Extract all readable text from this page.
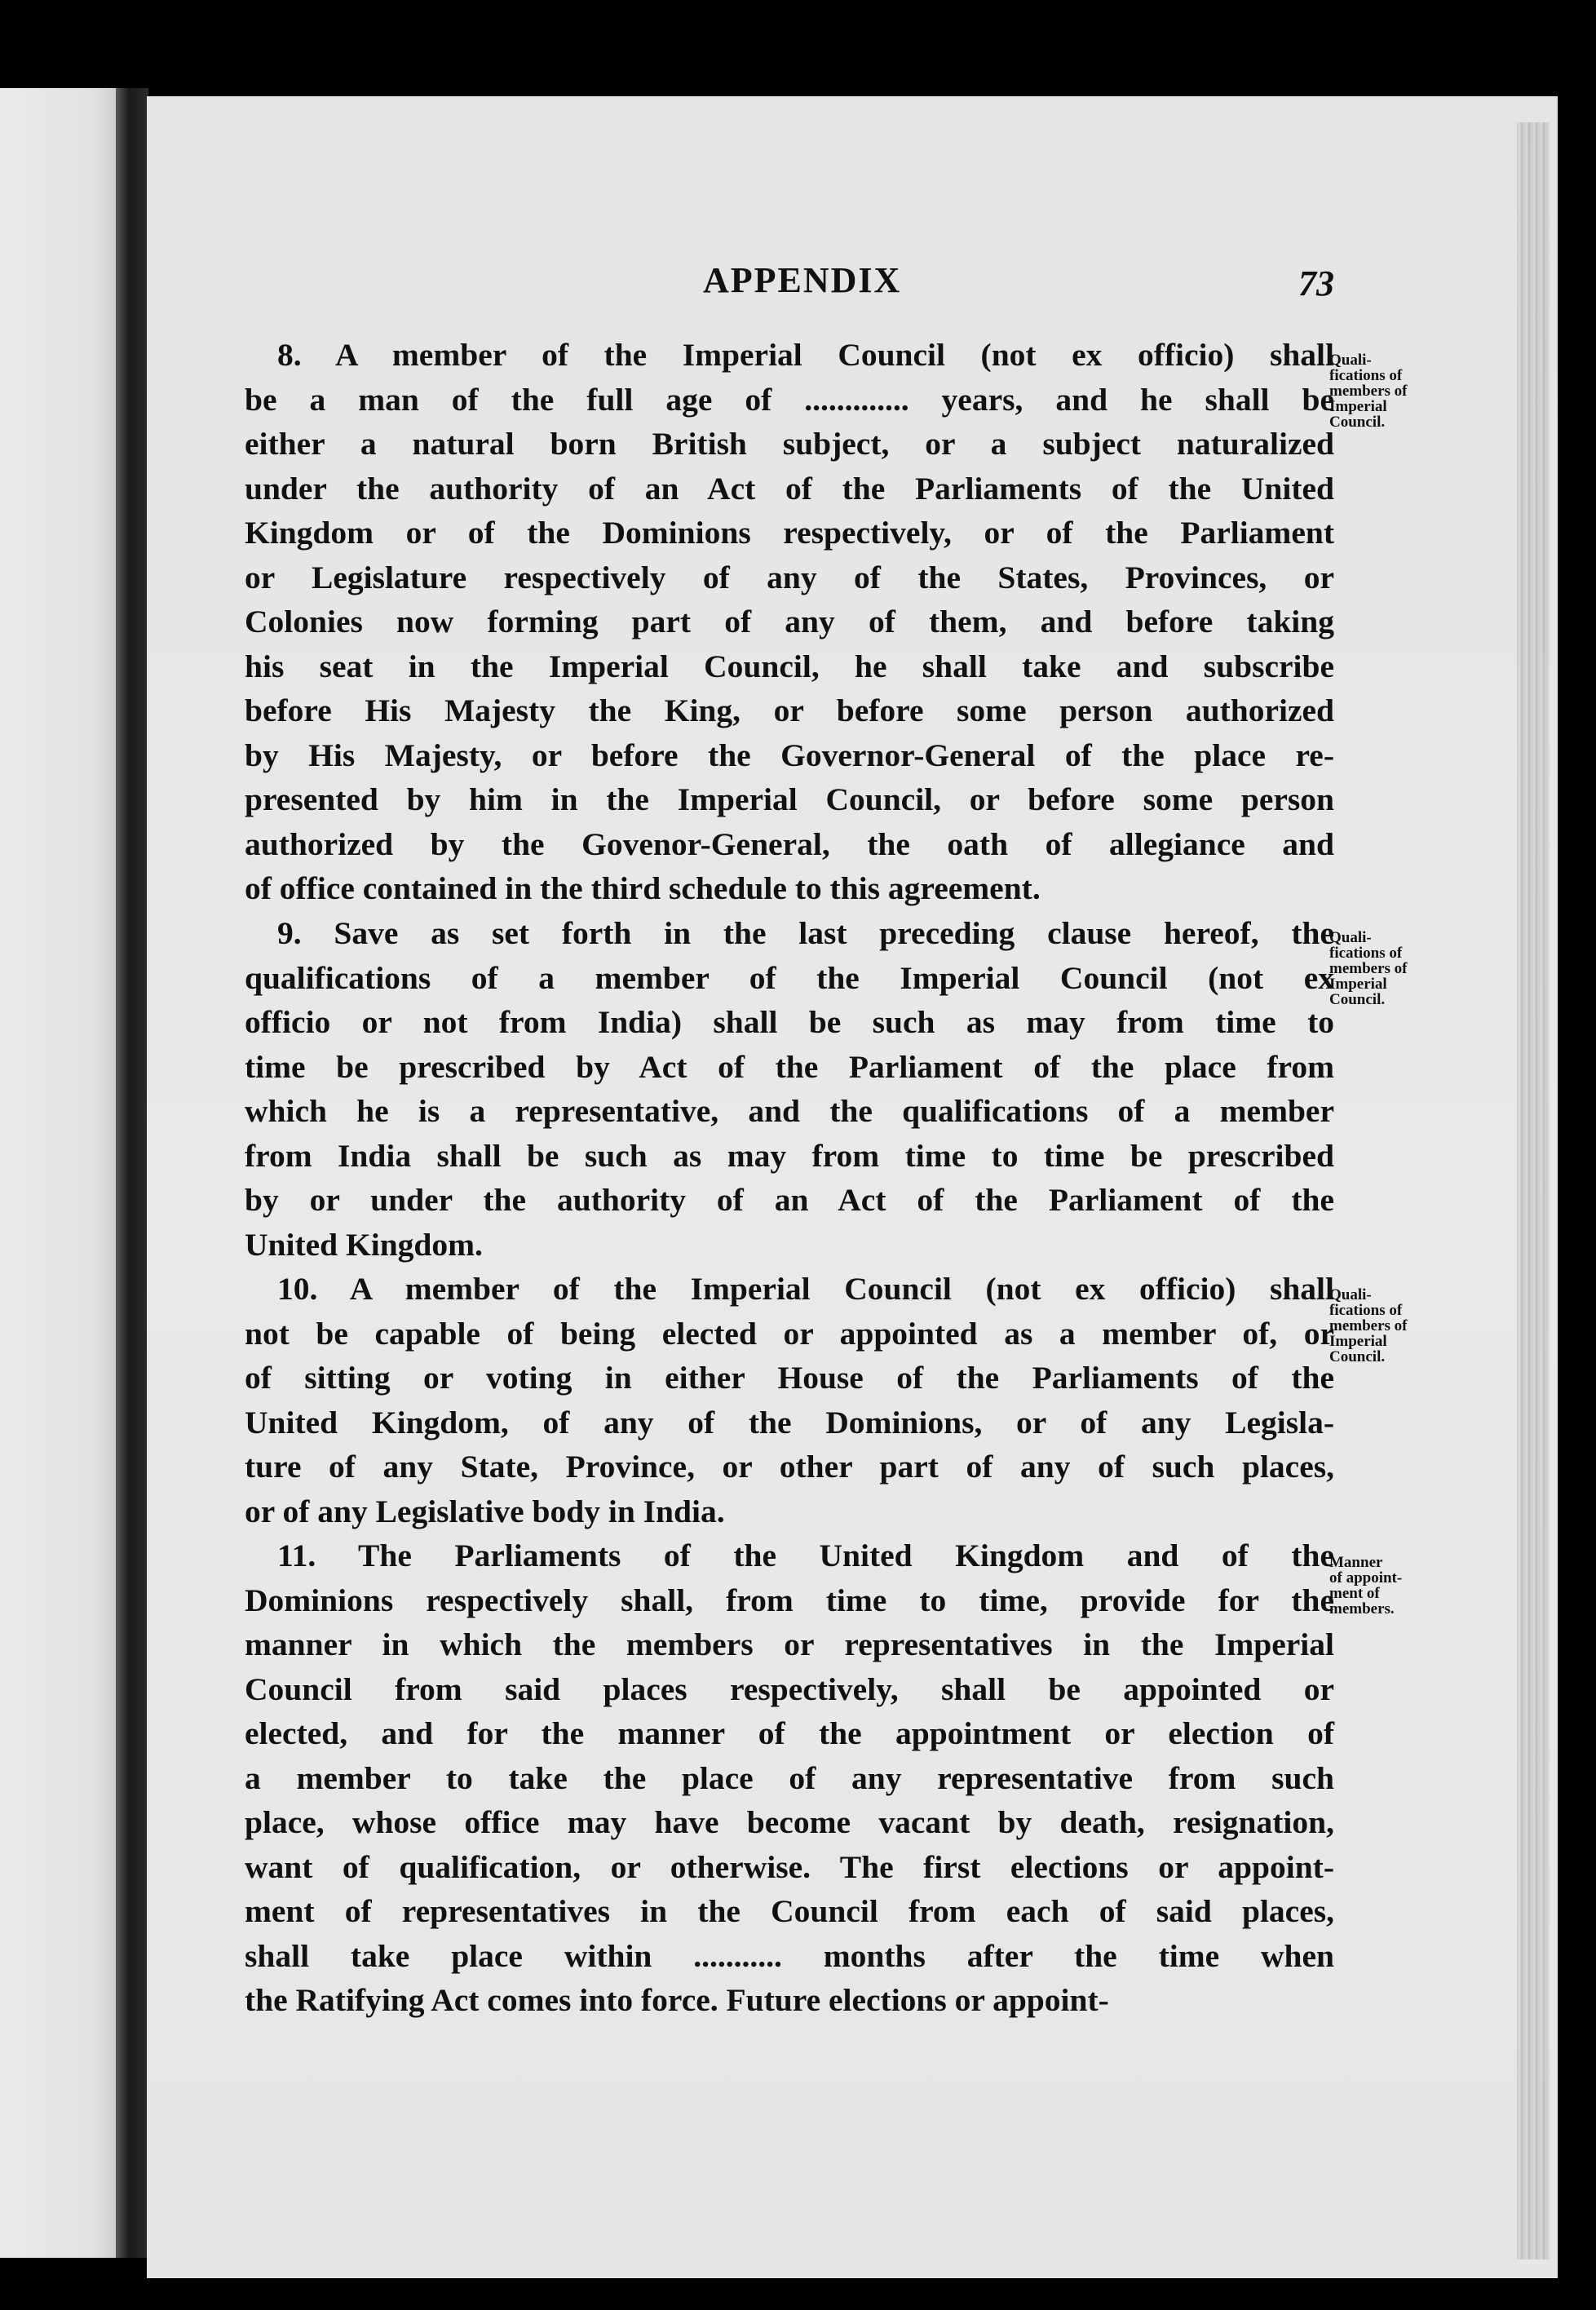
APPENDIX	73
8. A member of the Imperial Council (not ex officio) shall
be a man of the full age of ............. years, and he shall be
either a natural born British subject, or a subject naturalized
under the authority of an Act of the Parliaments of the United
Kingdom or of the Dominions respectively, or of the Parliament
or Legislature respectively of any of the States, Provinces, or
Colonies now forming part of any of them, and before taking
his seat in the Imperial Council, he shall take and subscribe
before His Majesty the King, or before some person authorized
by His Majesty, or before the Governor-General of the place re-
presented by him in the Imperial Council, or before some person
authorized by the Govenor-General, the oath of allegiance and
of office contained in the third schedule to this agreement.
Quali-
fications of
members of
Imperial
Council.
9. Save as set forth in the last preceding clause hereof, the
qualifications of a member of the Imperial Council (not ex
officio or not from India) shall be such as may from time to
time be prescribed by Act of the Parliament of the place from
which he is a representative, and the qualifications of a member
from India shall be such as may from time to time be prescribed
by or under the authority of an Act of the Parliament of the
United Kingdom.
Quali-
fications of
members of
Imperial
Council.
10. A member of the Imperial Council (not ex officio) shall
not be capable of being elected or appointed as a member of, or
of sitting or voting in either House of the Parliaments of the
United Kingdom, of any of the Dominions, or of any Legisla-
ture of any State, Province, or other part of any of such places,
or of any Legislative body in India.
Quali-
fications of
members of
Imperial
Council.
11. The Parliaments of the United Kingdom and of the
Dominions respectively shall, from time to time, provide for the
manner in which the members or representatives in the Imperial
Council from said places respectively, shall be appointed or
elected, and for the manner of the appointment or election of
a member to take the place of any representative from such
place, whose office may have become vacant by death, resignation,
want of qualification, or otherwise. The first elections or appoint-
ment of representatives in the Council from each of said places,
shall take place within ........... months after the time when
the Ratifying Act comes into force. Future elections or appoint-
Manner
of appoint-
ment of
members.
